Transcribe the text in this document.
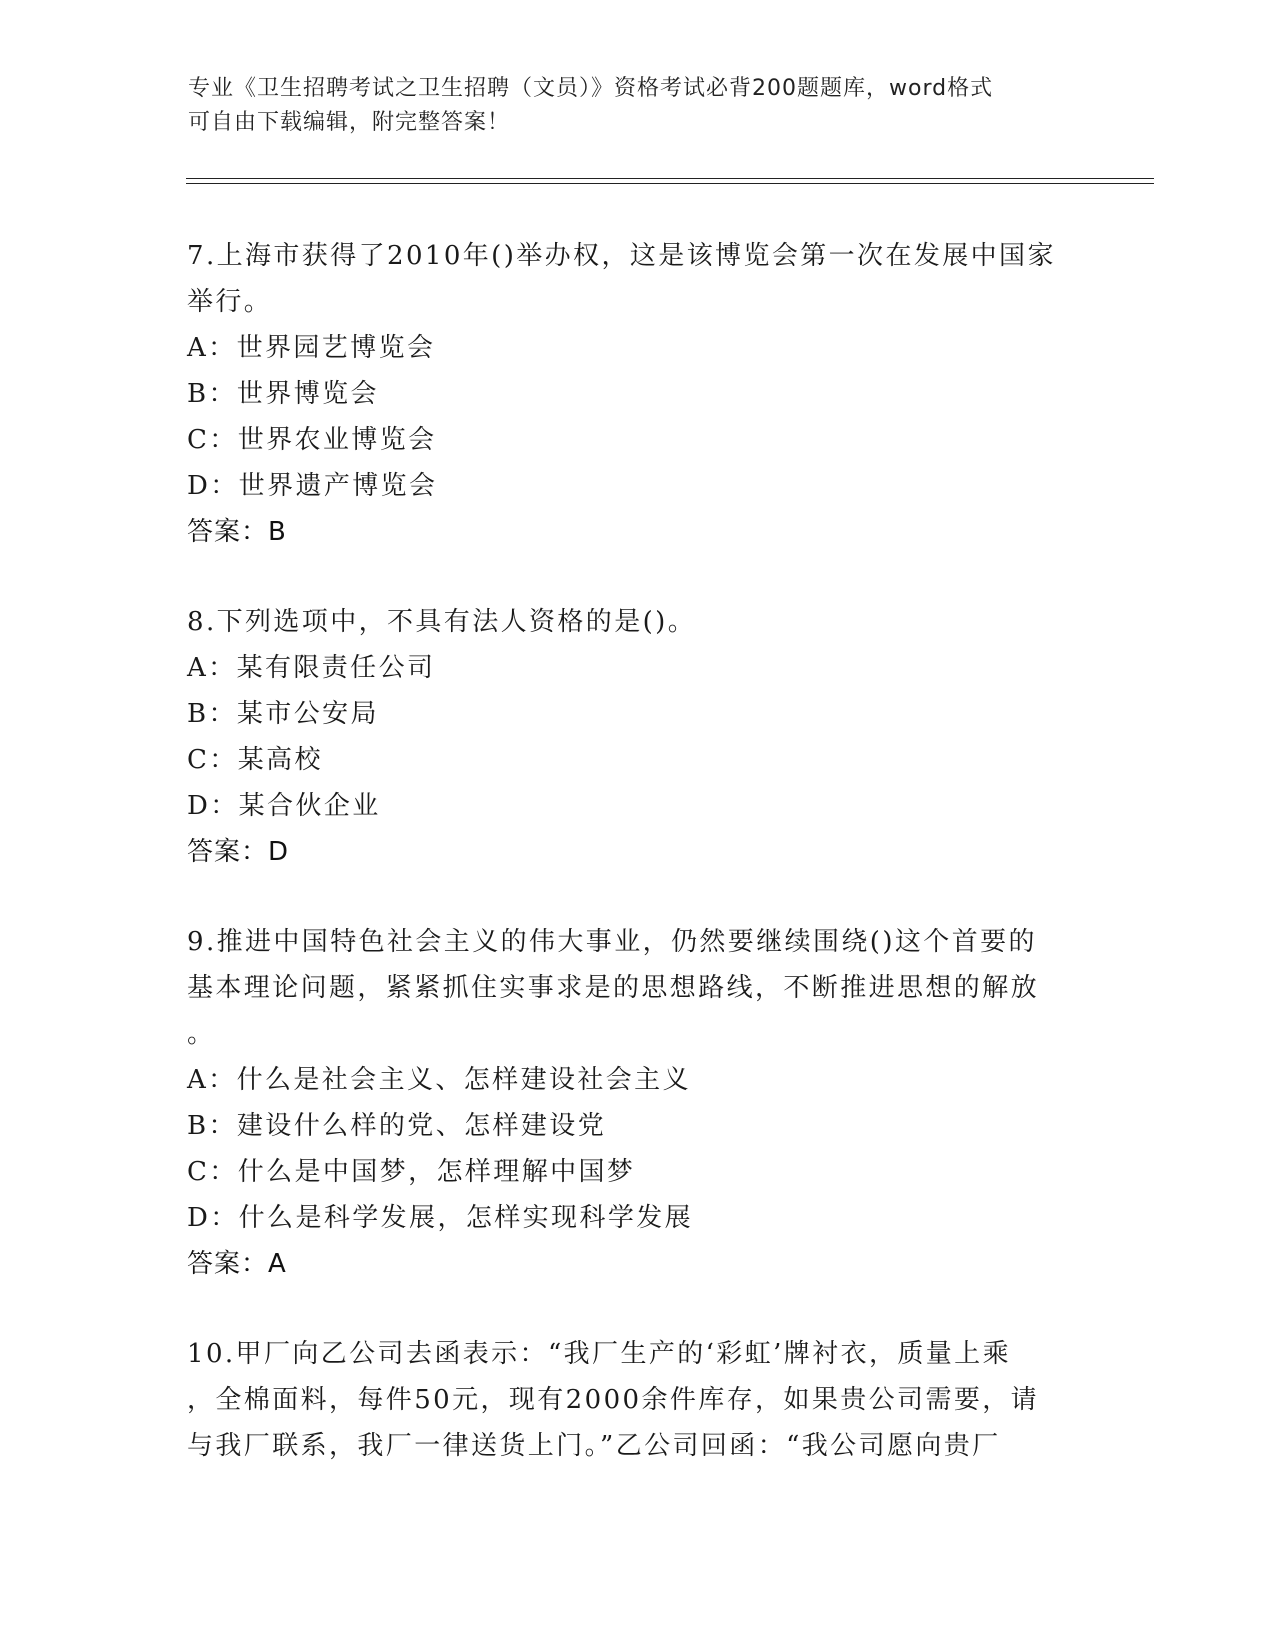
专业《卫生招聘考试之卫生招聘（文员）》资格考试必背200题题库，word格式
可自由下载编辑，附完整答案！
7.上海市获得了2010年()举办权，这是该博览会第一次在发展中国家
举行。
A：世界园艺博览会
B：世界博览会
C：世界农业博览会
D：世界遗产博览会
答案：B
8.下列选项中，不具有法人资格的是()。
A：某有限责任公司
B：某市公安局
C：某高校
D：某合伙企业
答案：D
9.推进中国特色社会主义的伟大事业，仍然要继续围绕()这个首要的
基本理论问题，紧紧抓住实事求是的思想路线，不断推进思想的解放
。
A：什么是社会主义、怎样建设社会主义
B：建设什么样的党、怎样建设党
C：什么是中国梦，怎样理解中国梦
D：什么是科学发展，怎样实现科学发展
答案：A
10.甲厂向乙公司去函表示：“我厂生产的‘彩虹’牌衬衣，质量上乘
，全棉面料，每件50元，现有2000余件库存，如果贵公司需要，请
与我厂联系，我厂一律送货上门。”乙公司回函：“我公司愿向贵厂
